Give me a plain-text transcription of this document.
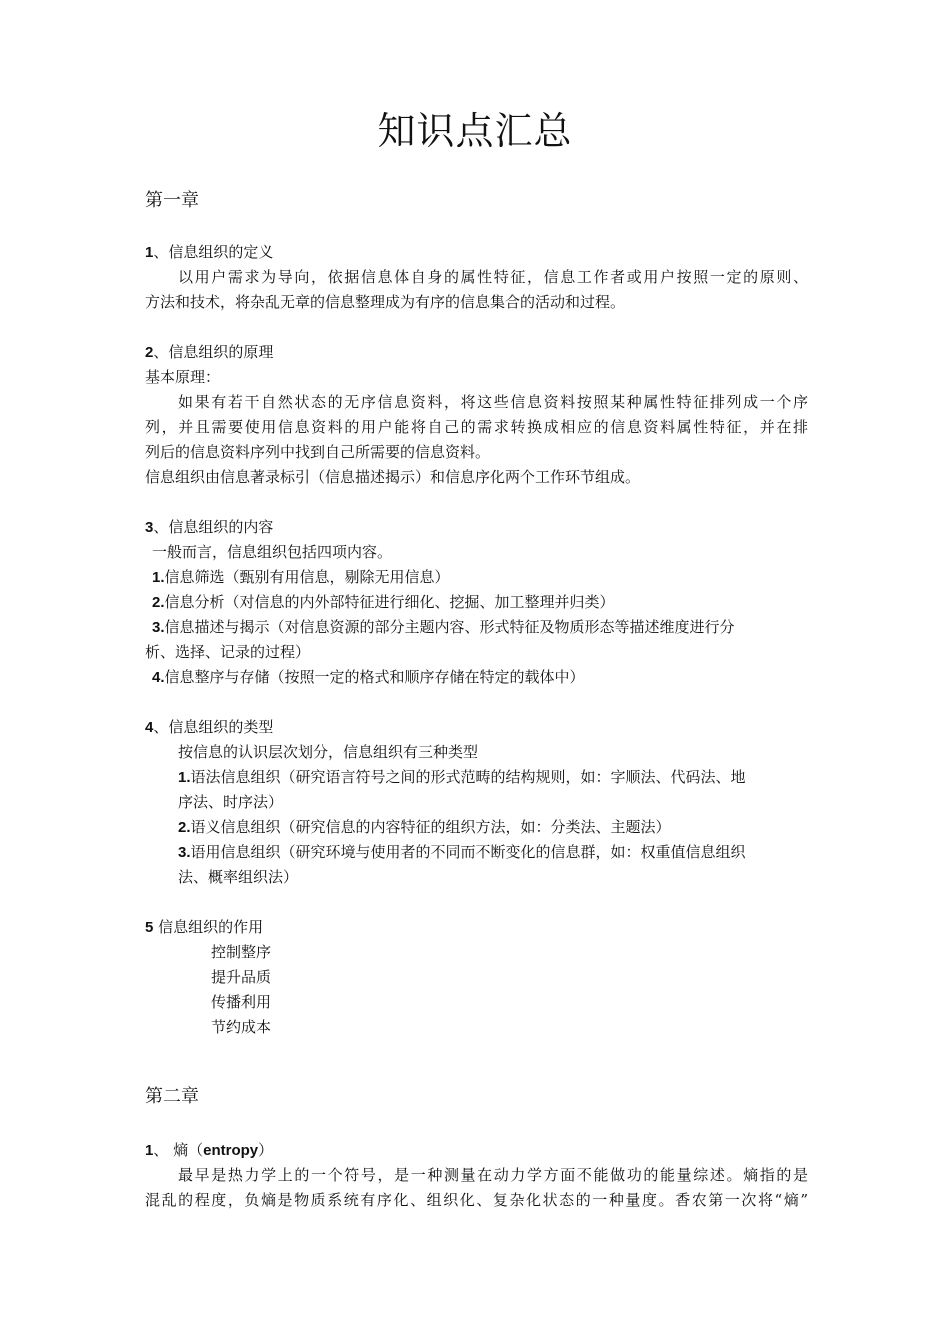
知识点汇总
第一章
1、信息组织的定义
以用户需求为导向，依据信息体自身的属性特征，信息工作者或用户按照一定的原则、
方法和技术，将杂乱无章的信息整理成为有序的信息集合的活动和过程。
2、信息组织的原理
基本原理：
如果有若干自然状态的无序信息资料，将这些信息资料按照某种属性特征排列成一个序
列，并且需要使用信息资料的用户能将自己的需求转换成相应的信息资料属性特征，并在排
列后的信息资料序列中找到自己所需要的信息资料。
信息组织由信息著录标引（信息描述揭示）和信息序化两个工作环节组成。
3、信息组织的内容
一般而言，信息组织包括四项内容。
1.信息筛选（甄别有用信息，剔除无用信息）
2.信息分析（对信息的内外部特征进行细化、挖掘、加工整理并归类）
3.信息描述与揭示（对信息资源的部分主题内容、形式特征及物质形态等描述维度进行分
析、选择、记录的过程）
4.信息整序与存储（按照一定的格式和顺序存储在特定的载体中）
4、信息组织的类型
按信息的认识层次划分，信息组织有三种类型
1.语法信息组织（研究语言符号之间的形式范畴的结构规则，如：字顺法、代码法、地
序法、时序法）
2.语义信息组织（研究信息的内容特征的组织方法，如：分类法、主题法）
3.语用信息组织（研究环境与使用者的不同而不断变化的信息群，如：权重值信息组织
法、概率组织法）
5 信息组织的作用
控制整序
提升品质
传播利用
节约成本
第二章
1、 熵（entropy）
最早是热力学上的一个符号，是一种测量在动力学方面不能做功的能量综述。熵指的是
混乱的程度，负熵是物质系统有序化、组织化、复杂化状态的一种量度。香农第一次将“熵”
